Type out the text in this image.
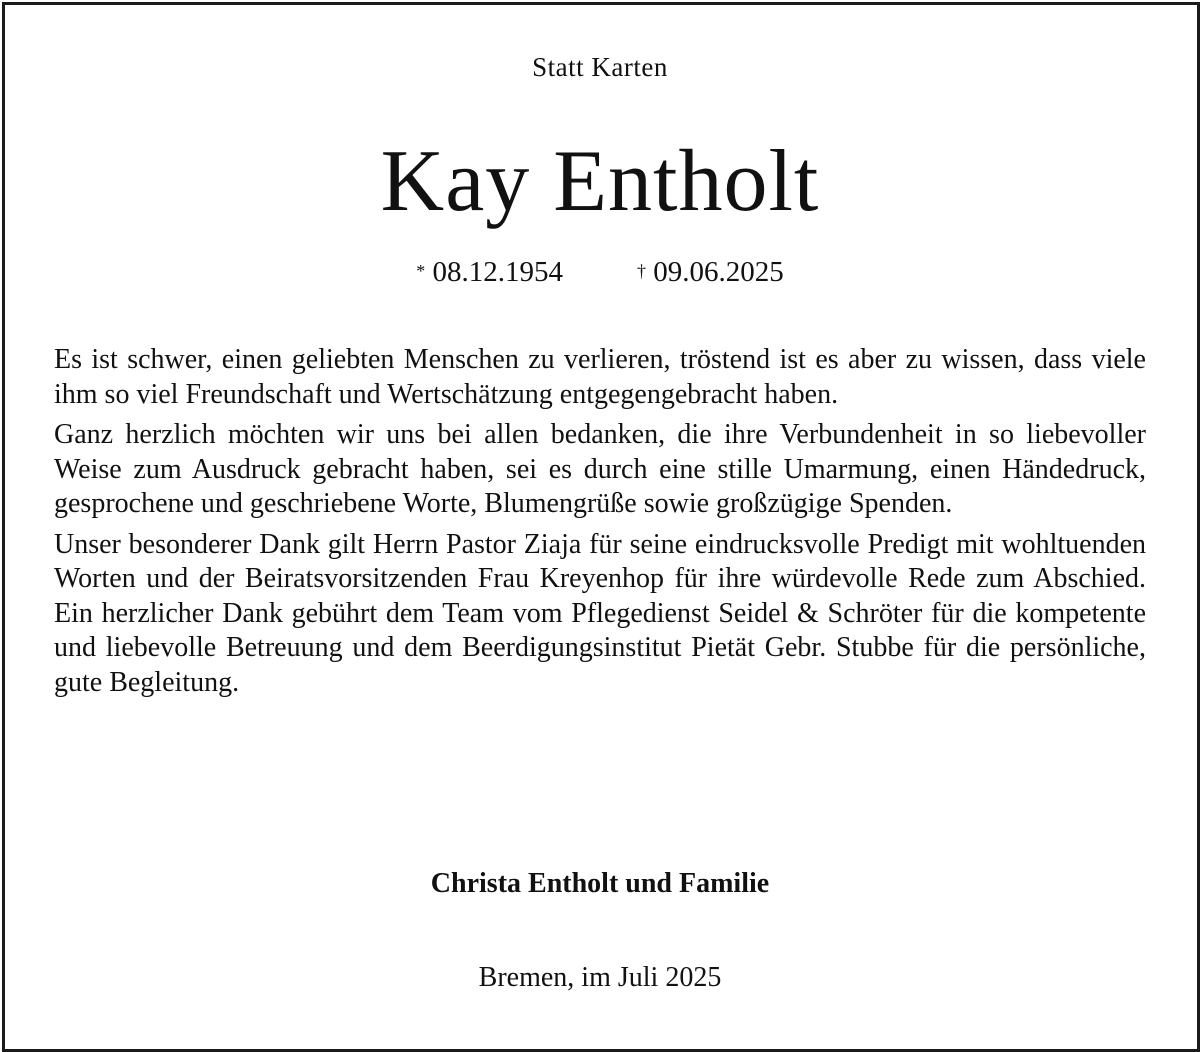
Statt Karten
Kay Entholt
* 08.12.1954	† 09.06.2025

Es ist schwer, einen geliebten Menschen zu verlieren, tröstend ist es aber zu wissen, dass viele ihm so viel Freundschaft und Wertschätzung entgegengebracht haben.

Ganz herzlich möchten wir uns bei allen bedanken, die ihre Verbundenheit in so liebevoller Weise zum Ausdruck gebracht haben, sei es durch eine stille Umarmung, einen Händedruck, gesprochene und geschriebene Worte, Blumengrüße sowie großzügige Spenden.

Unser besonderer Dank gilt Herrn Pastor Ziaja für seine eindrucksvolle Predigt mit wohltuenden Worten und der Beiratsvorsitzenden Frau Kreyenhop für ihre würdevolle Rede zum Abschied. Ein herzlicher Dank gebührt dem Team vom Pflegedienst Seidel & Schröter für die kompetente und liebevolle Betreuung und dem Beerdigungsinstitut Pietät Gebr. Stubbe für die persönliche, gute Begleitung.

Christa Entholt und Familie
Bremen, im Juli 2025
